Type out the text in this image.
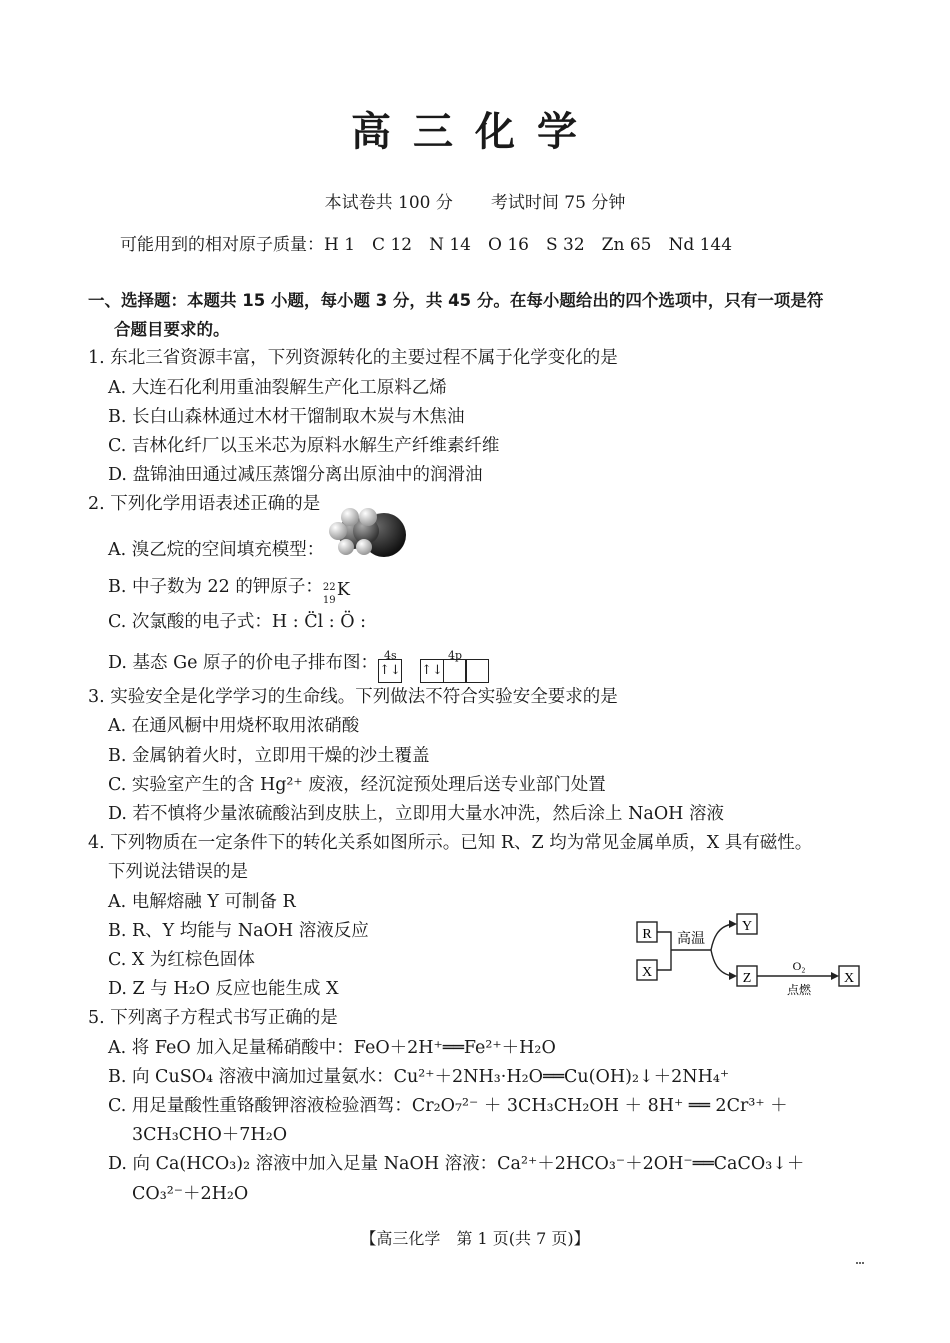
高三化学
本试卷共 100 分 考试时间 75 分钟
可能用到的相对原子质量：H 1　C 12　N 14　O 16　S 32　Zn 65　Nd 144
一、选择题：本题共 15 小题，每小题 3 分，共 45 分。在每小题给出的四个选项中，只有一项是符
合题目要求的。
1. 东北三省资源丰富，下列资源转化的主要过程不属于化学变化的是
A. 大连石化利用重油裂解生产化工原料乙烯
B. 长白山森林通过木材干馏制取木炭与木焦油
C. 吉林化纤厂以玉米芯为原料水解生产纤维素纤维
D. 盘锦油田通过减压蒸馏分离出原油中的润滑油
2. 下列化学用语表述正确的是
A. 溴乙烷的空间填充模型：
B. 中子数为 22 的钾原子： 22
19
K
C. 次氯酸的电子式：H : C̈l : Ö :
D. 基态 Ge 原子的价电子排布图： 4s
↑↓
4p
↑↓
3. 实验安全是化学学习的生命线。下列做法不符合实验安全要求的是
A. 在通风橱中用烧杯取用浓硝酸
B. 金属钠着火时，立即用干燥的沙土覆盖
C. 实验室产生的含 Hg²⁺ 废液，经沉淀预处理后送专业部门处置
D. 若不慎将少量浓硫酸沾到皮肤上，立即用大量水冲洗，然后涂上 NaOH 溶液
4. 下列物质在一定条件下的转化关系如图所示。已知 R、Z 均为常见金属单质，X 具有磁性。
下列说法错误的是
A. 电解熔融 Y 可制备 R
B. R、Y 均能与 NaOH 溶液反应
C. X 为红棕色固体
D. Z 与 H₂O 反应也能生成 X
5. 下列离子方程式书写正确的是
A. 将 FeO 加入足量稀硝酸中：FeO＋2H⁺══Fe²⁺＋H₂O
B. 向 CuSO₄ 溶液中滴加过量氨水：Cu²⁺＋2NH₃·H₂O══Cu(OH)₂↓＋2NH₄⁺
C. 用足量酸性重铬酸钾溶液检验酒驾：Cr₂O₇²⁻ ＋ 3CH₃CH₂OH ＋ 8H⁺ ══ 2Cr³⁺ ＋
3CH₃CHO＋7H₂O
D. 向 Ca(HCO₃)₂ 溶液中加入足量 NaOH 溶液：Ca²⁺＋2HCO₃⁻＋2OH⁻══CaCO₃↓＋
CO₃²⁻＋2H₂O
R
X
Y
Z	X
高温
O₂
点燃
【高三化学　第 1 页(共 7 页)】
